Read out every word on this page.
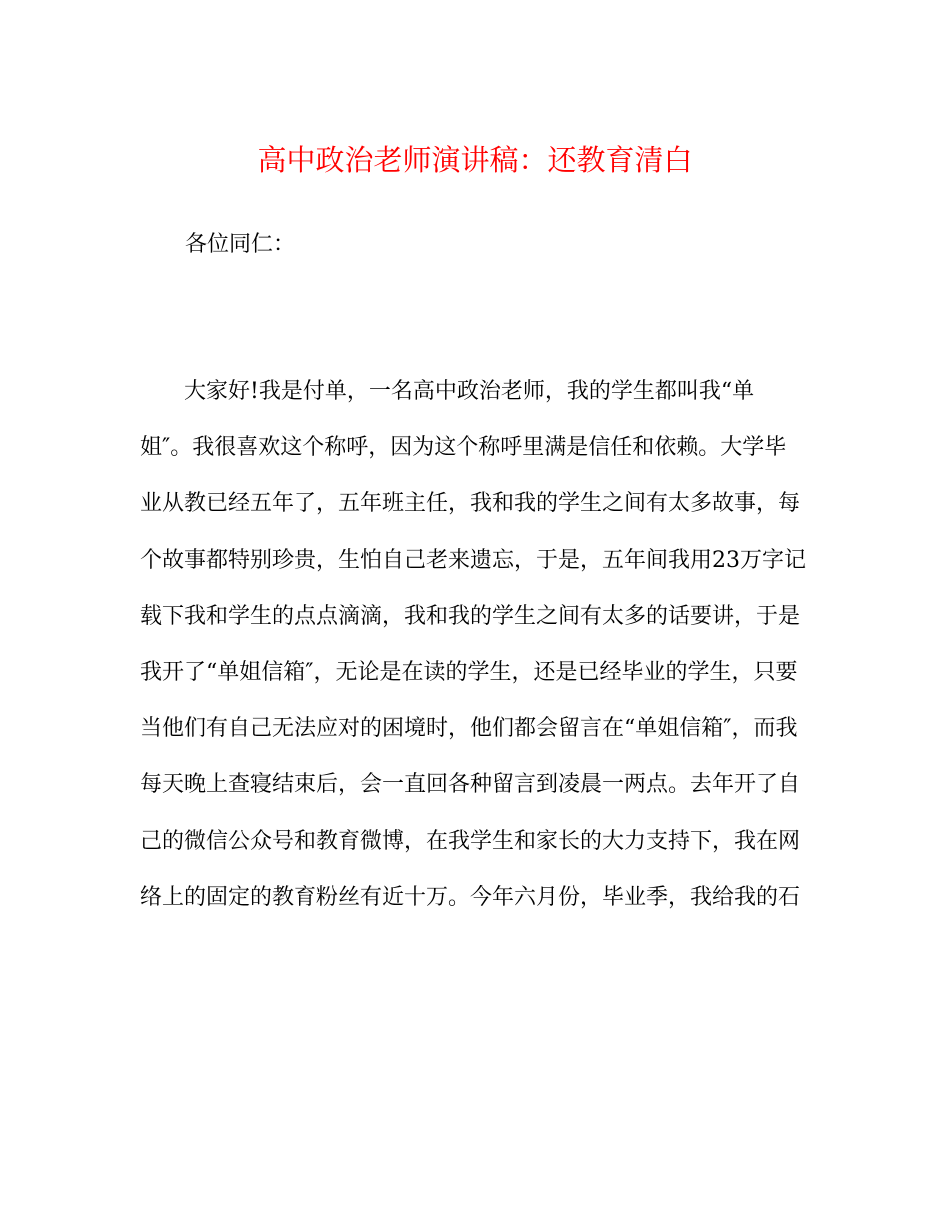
高中政治老师演讲稿：还教育清白
各位同仁：
大家好!我是付单，一名高中政治老师，我的学生都叫我“单
姐″。我很喜欢这个称呼，因为这个称呼里满是信任和依赖。大学毕
业从教已经五年了，五年班主任，我和我的学生之间有太多故事，每
个故事都特别珍贵，生怕自己老来遗忘，于是，五年间我用23万字记
载下我和学生的点点滴滴，我和我的学生之间有太多的话要讲，于是
我开了“单姐信箱″，无论是在读的学生，还是已经毕业的学生，只要
当他们有自己无法应对的困境时，他们都会留言在“单姐信箱″，而我
每天晚上查寝结束后，会一直回各种留言到凌晨一两点。去年开了自
己的微信公众号和教育微博，在我学生和家长的大力支持下，我在网
络上的固定的教育粉丝有近十万。今年六月份，毕业季，我给我的石
